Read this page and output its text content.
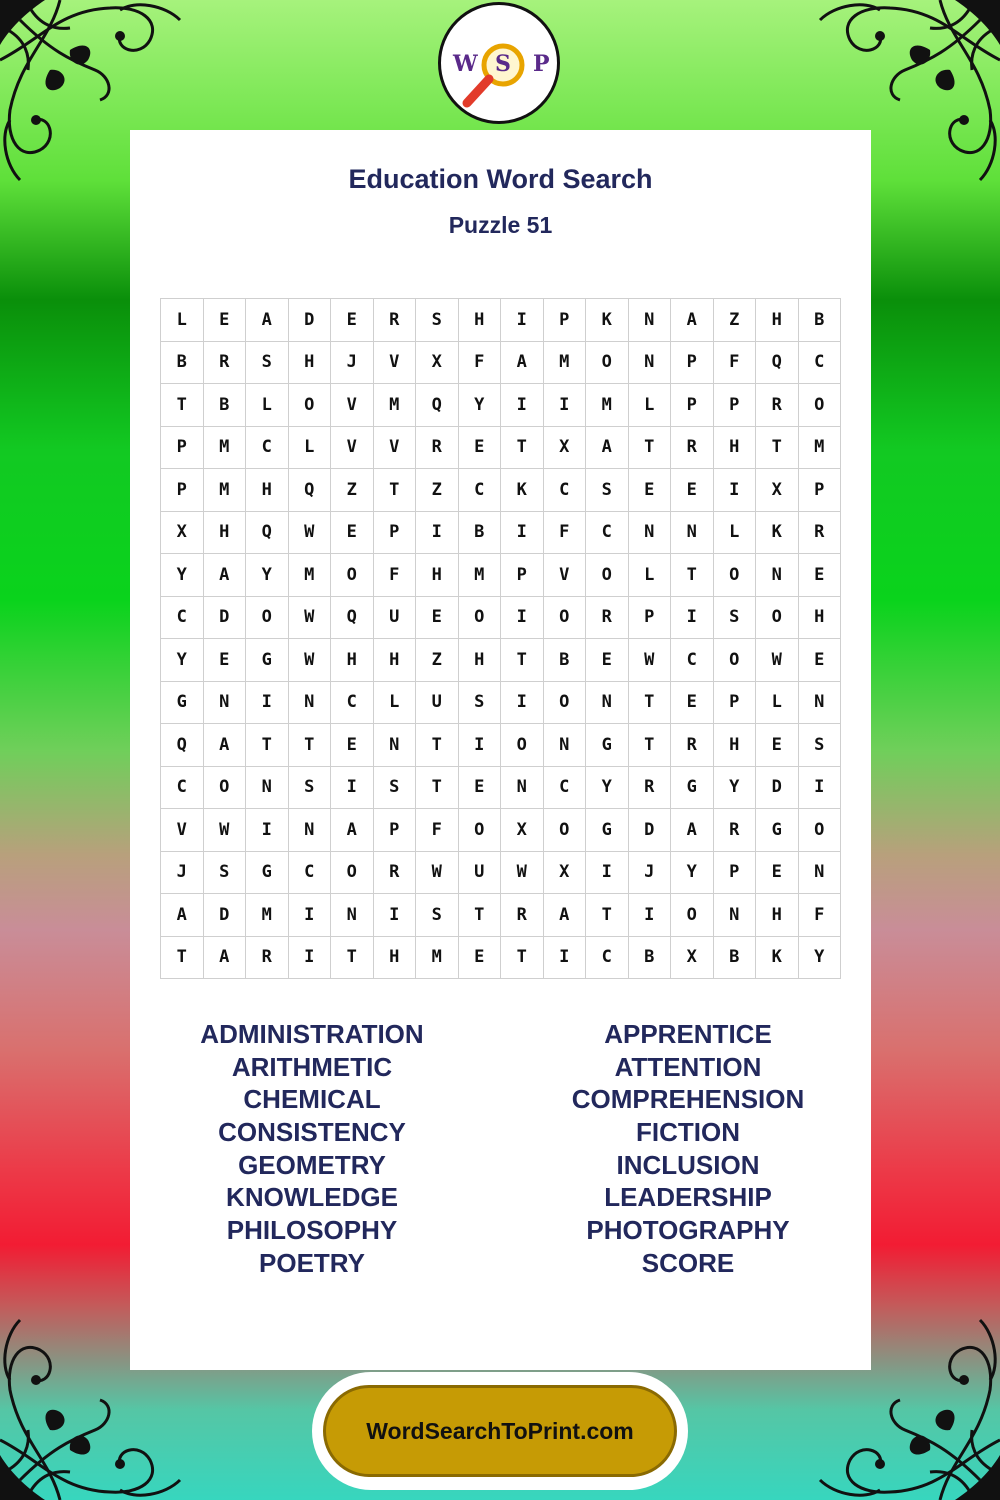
W S P
Education Word Search
Puzzle 51
L	E	A	D	E	R	S	H	I	P	K	N	A	Z	H	B
B	R	S	H	J	V	X	F	A	M	O	N	P	F	Q	C
T	B	L	O	V	M	Q	Y	I	I	M	L	P	P	R	O
P	M	C	L	V	V	R	E	T	X	A	T	R	H	T	M
P	M	H	Q	Z	T	Z	C	K	C	S	E	E	I	X	P
X	H	Q	W	E	P	I	B	I	F	C	N	N	L	K	R
Y	A	Y	M	O	F	H	M	P	V	O	L	T	O	N	E
C	D	O	W	Q	U	E	O	I	O	R	P	I	S	O	H
Y	E	G	W	H	H	Z	H	T	B	E	W	C	O	W	E
G	N	I	N	C	L	U	S	I	O	N	T	E	P	L	N
Q	A	T	T	E	N	T	I	O	N	G	T	R	H	E	S
C	O	N	S	I	S	T	E	N	C	Y	R	G	Y	D	I
V	W	I	N	A	P	F	O	X	O	G	D	A	R	G	O
J	S	G	C	O	R	W	U	W	X	I	J	Y	P	E	N
A	D	M	I	N	I	S	T	R	A	T	I	O	N	H	F
T	A	R	I	T	H	M	E	T	I	C	B	X	B	K	Y
ADMINISTRATION
ARITHMETIC
CHEMICAL
CONSISTENCY
GEOMETRY
KNOWLEDGE
PHILOSOPHY
POETRY
APPRENTICE
ATTENTION
COMPREHENSION
FICTION
INCLUSION
LEADERSHIP
PHOTOGRAPHY
SCORE
WordSearchToPrint.com
